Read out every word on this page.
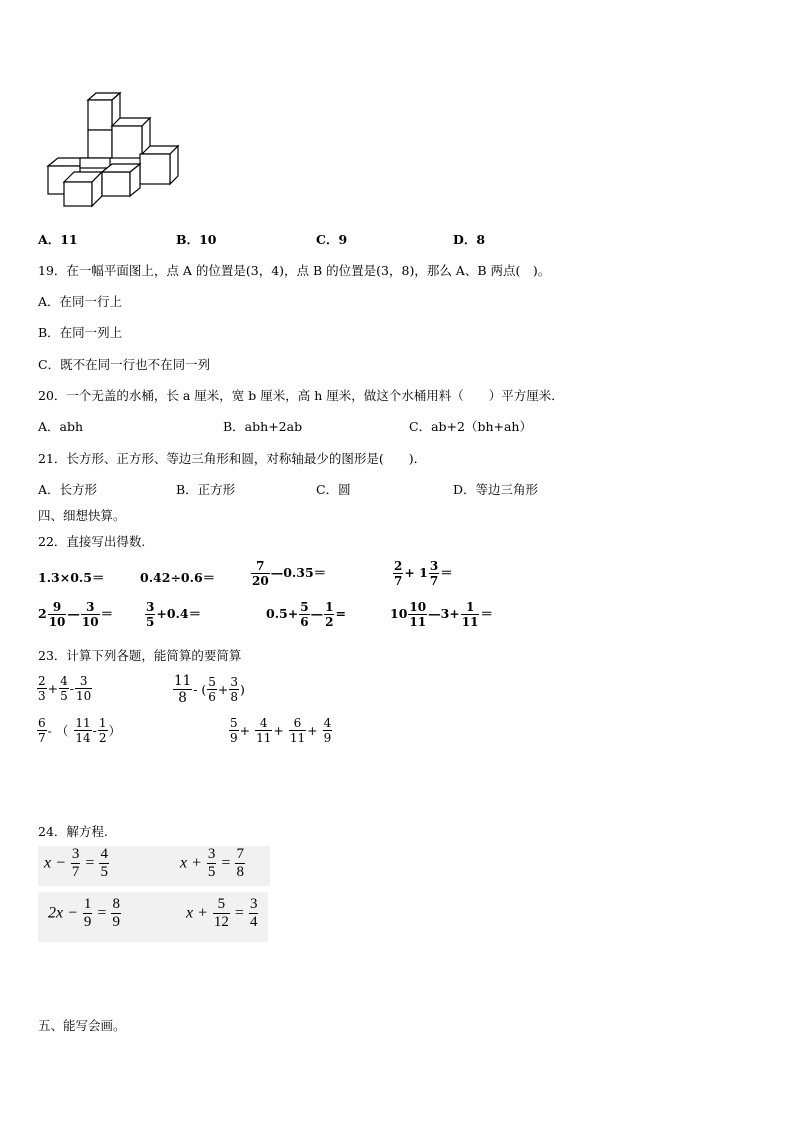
A．11	B．10	C．9	D．8
19．在一幅平面图上，点 A 的位置是(3，4)，点 B 的位置是(3，8)，那么 A、B 两点(　)。
A．在同一行上
B．在同一列上
C．既不在同一行也不在同一列
20．一个无盖的水桶，长 a 厘米，宽 b 厘米，高 h 厘米，做这个水桶用料（　　）平方厘米．
A．abh	B．abh+2ab	C．ab+2（bh+ah）
21．长方形、正方形、等边三角形和圆，对称轴最少的图形是(　　)．
A．长方形	B．正方形	C．圆	D．等边三角形
四、细想快算。
22．直接写出得数.
1.3×0.5＝	0.42÷0.6＝	$\frac{7}{20}$ —0.35＝	$\frac{2}{7} + 1 \frac{3}{7}$ ＝
$2 \frac{9}{10}$ — $\frac{3}{10}$ ＝	$\frac{3}{5} +0.4=$	$0.5+ \frac{5}{6}$ — $\frac{1}{2}$ =	$10 \frac{10}{11}$ —3+ $\frac{1}{11}$ ＝
23．计算下列各题，能简算的要简算
$\frac{2}{3} + \frac{4}{5} - \frac{3}{10}$	$\frac{11}{8}$ - ( $\frac{5}{6} + \frac{3}{8}$ )
$\frac{6}{7}$ - （ $\frac{11}{14} - \frac{1}{2}$ ）	$\frac{5}{9} + \frac{4}{11} + \frac{6}{11} + \frac{4}{9}$
24．解方程.
$x - \frac{3}{7} = \frac{4}{5}$	$x + \frac{3}{5} = \frac{7}{8}$
$2x - \frac{1}{9} = \frac{8}{9}$	$x + \frac{5}{12} = \frac{3}{4}$
五、能写会画。
